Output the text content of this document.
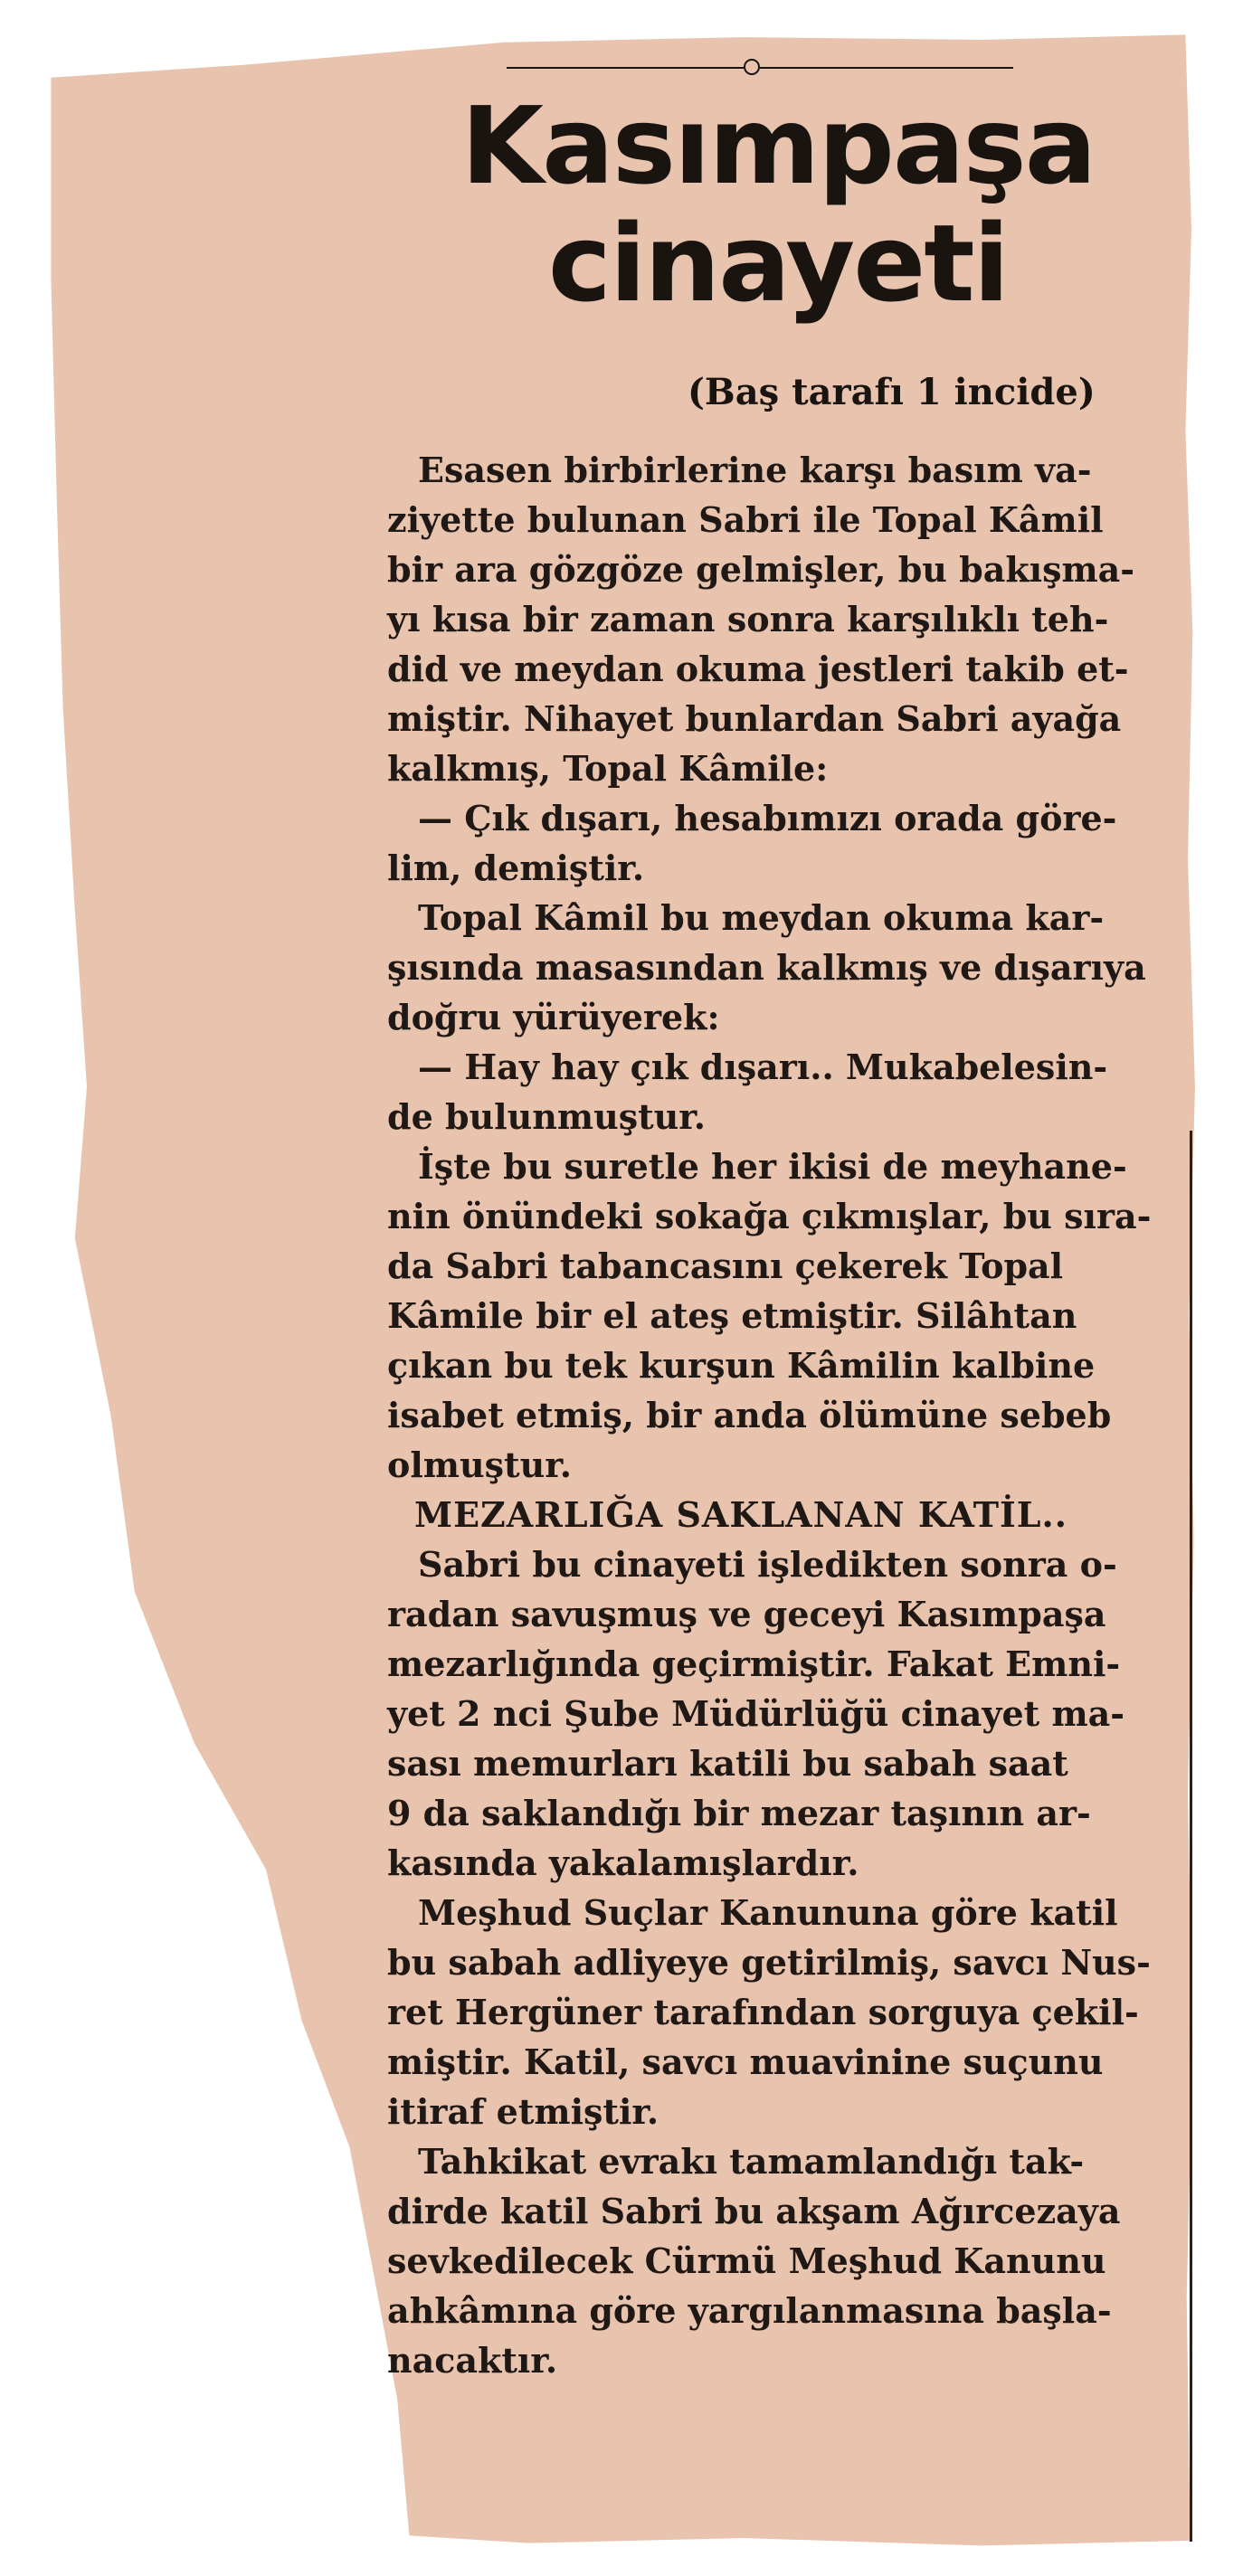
Kasımpaşa
cinayeti
(Baş tarafı 1 incide)
Esasen birbirlerine karşı basım va-
ziyette bulunan Sabri ile Topal Kâmil
bir ara gözgöze gelmişler, bu bakışma-
yı kısa bir zaman sonra karşılıklı teh-
did ve meydan okuma jestleri takib et-
miştir. Nihayet bunlardan Sabri ayağa
kalkmış, Topal Kâmile:
— Çık dışarı, hesabımızı orada göre-
lim, demiştir.
Topal Kâmil bu meydan okuma kar-
şısında masasından kalkmış ve dışarıya
doğru yürüyerek:
— Hay hay çık dışarı.. Mukabelesin-
de bulunmuştur.
İşte bu suretle her ikisi de meyhane-
nin önündeki sokağa çıkmışlar, bu sıra-
da Sabri tabancasını çekerek Topal
Kâmile bir el ateş etmiştir. Silâhtan
çıkan bu tek kurşun Kâmilin kalbine
isabet etmiş, bir anda ölümüne sebeb
olmuştur.
MEZARLIĞA SAKLANAN KATİL..
Sabri bu cinayeti işledikten sonra o-
radan savuşmuş ve geceyi Kasımpaşa
mezarlığında geçirmiştir. Fakat Emni-
yet 2 nci Şube Müdürlüğü cinayet ma-
sası memurları katili bu sabah saat
9 da saklandığı bir mezar taşının ar-
kasında yakalamışlardır.
Meşhud Suçlar Kanununa göre katil
bu sabah adliyeye getirilmiş, savcı Nus-
ret Hergüner tarafından sorguya çekil-
miştir. Katil, savcı muavinine suçunu
itiraf etmiştir.
Tahkikat evrakı tamamlandığı tak-
dirde katil Sabri bu akşam Ağırcezaya
sevkedilecek Cürmü Meşhud Kanunu
ahkâmına göre yargılanmasına başla-
nacaktır.
